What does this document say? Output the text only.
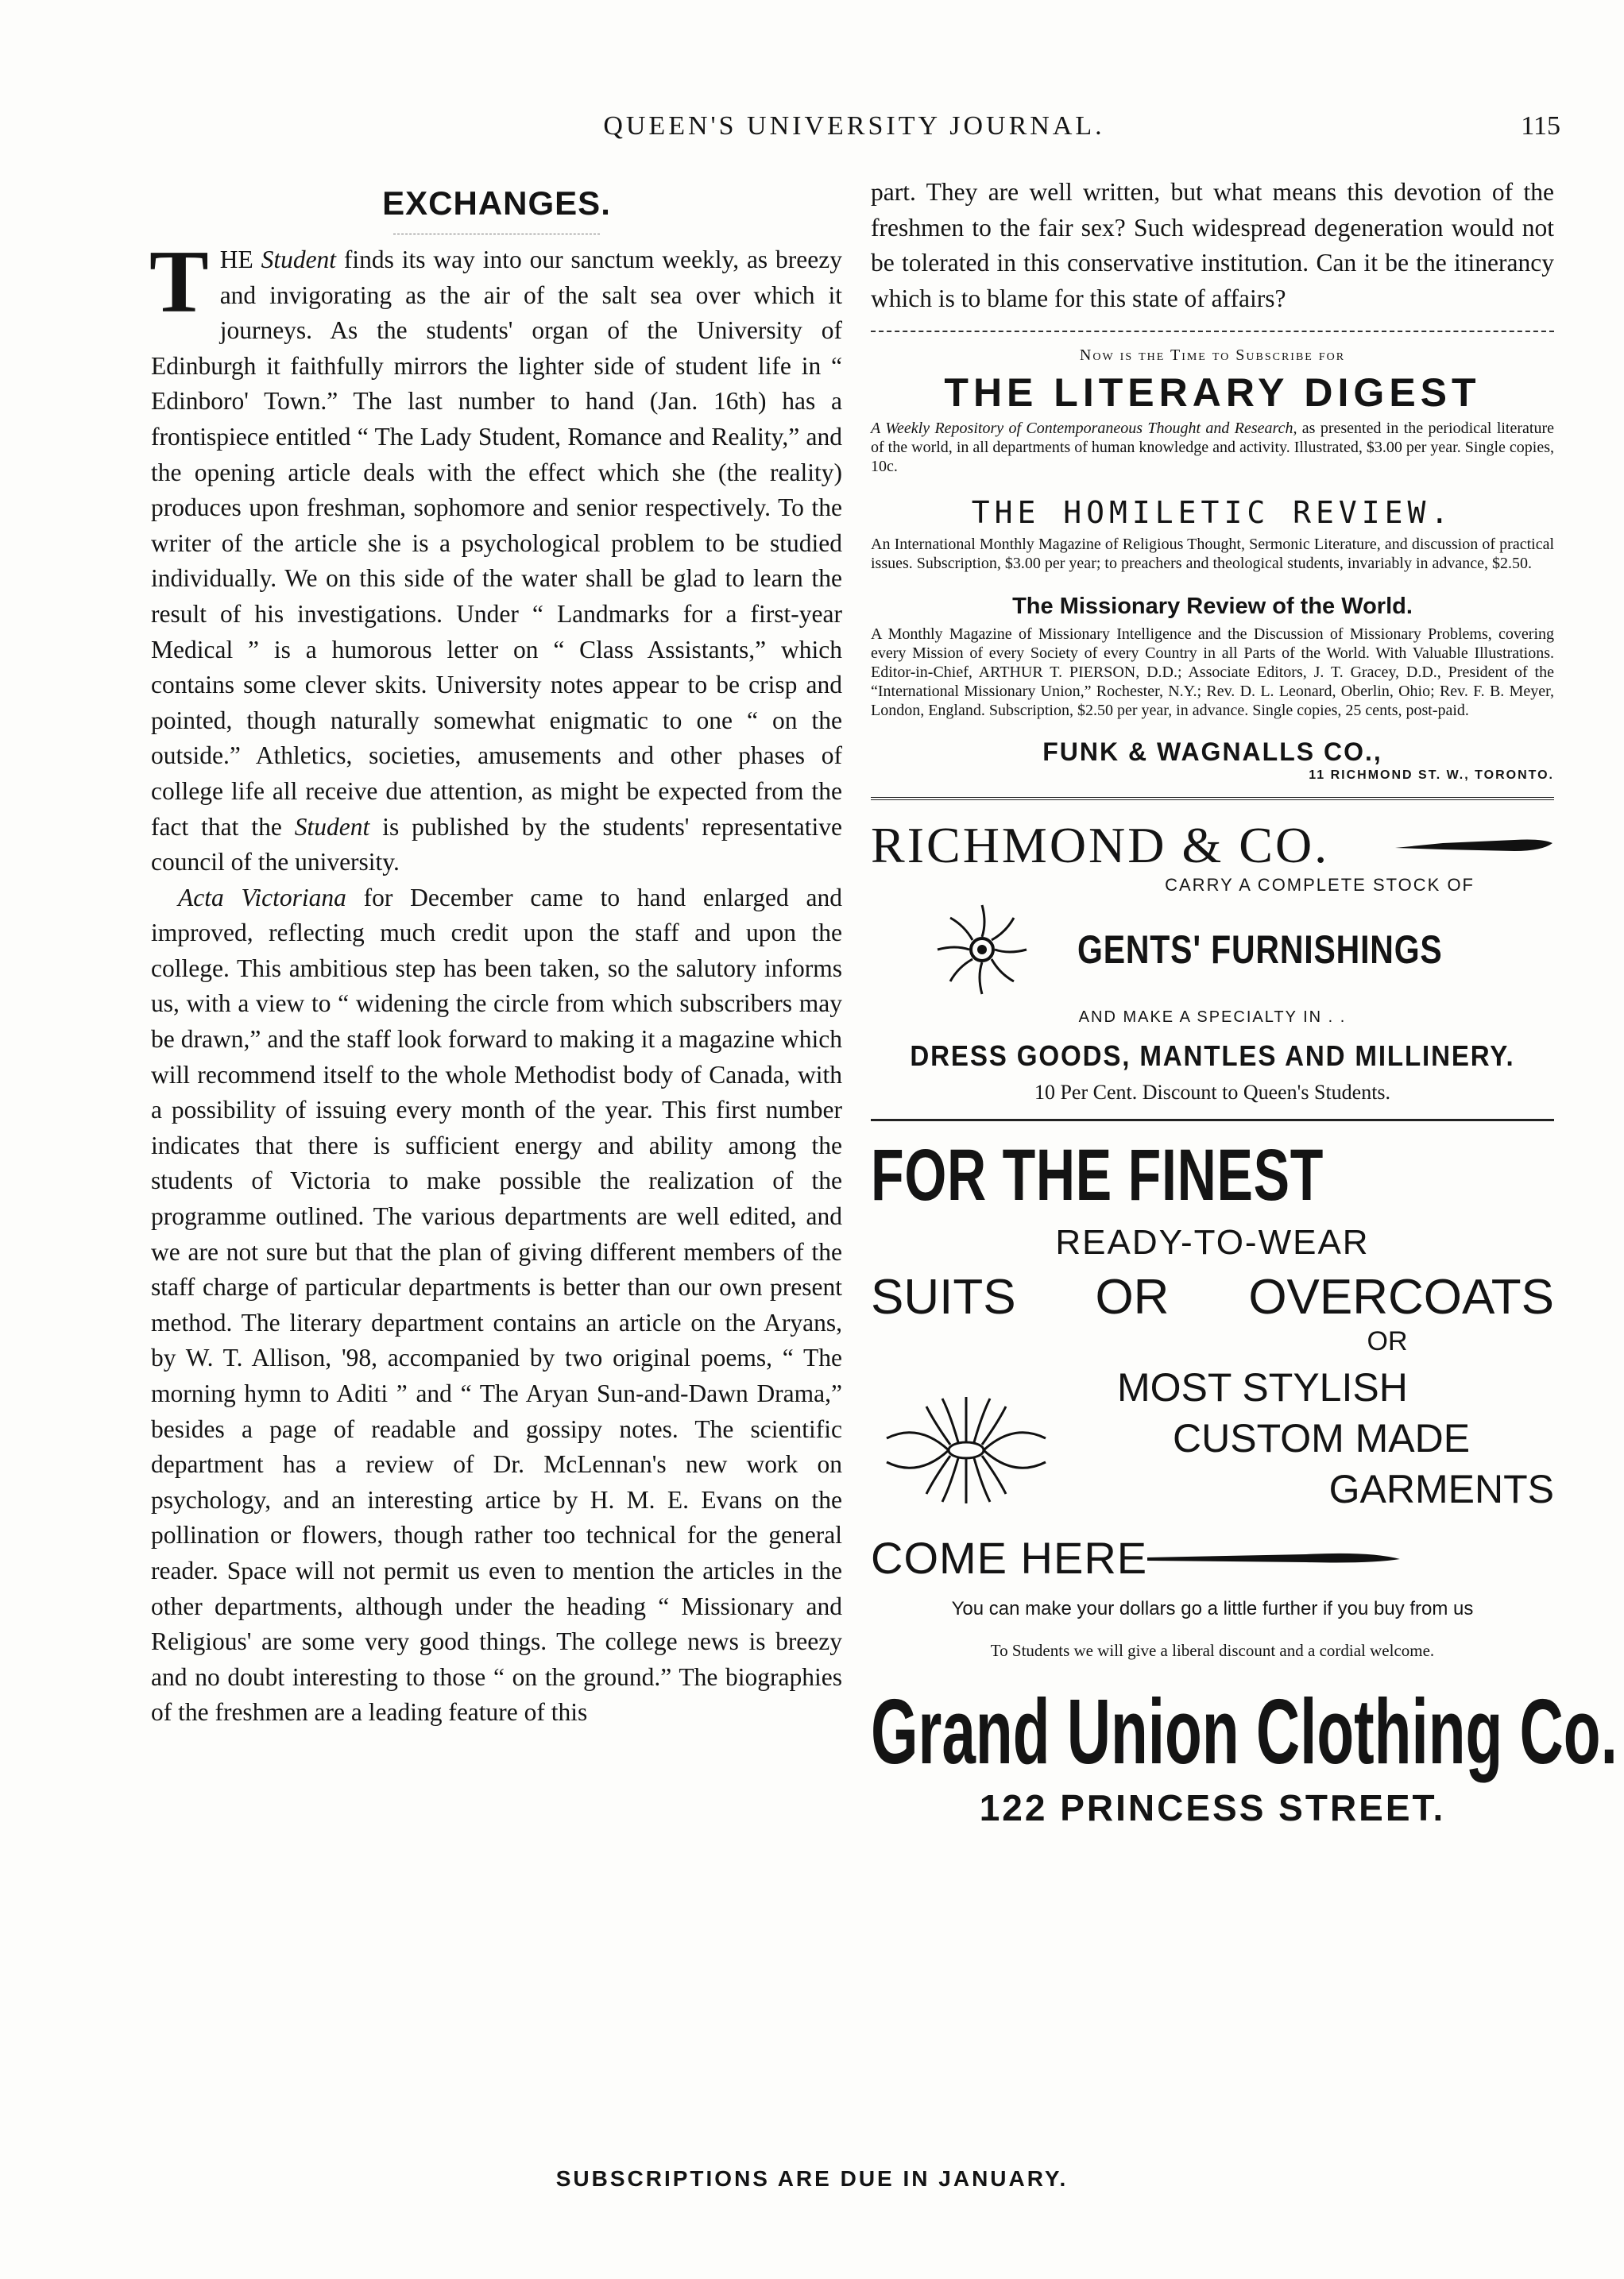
QUEEN'S UNIVERSITY JOURNAL.	115
EXCHANGES.

THE Student finds its way into our sanctum weekly, as breezy and invigorating as the air of the salt sea over which it journeys. As the students' organ of the University of Edinburgh it faithfully mirrors the lighter side of student life in “ Edinboro' Town.” The last number to hand (Jan. 16th) has a frontispiece entitled “ The Lady Student, Romance and Reality,” and the opening article deals with the effect which she (the reality) produces upon freshman, sophomore and senior respectively. To the writer of the article she is a psychological problem to be studied individually. We on this side of the water shall be glad to learn the result of his investigations. Under “ Landmarks for a first-year Medical ” is a humorous letter on “ Class Assistants,” which contains some clever skits. University notes appear to be crisp and pointed, though naturally somewhat enigmatic to one “ on the outside.” Athletics, societies, amusements and other phases of college life all receive due attention, as might be expected from the fact that the Student is published by the students' representative council of the university.

Acta Victoriana for December came to hand enlarged and improved, reflecting much credit upon the staff and upon the college. This ambitious step has been taken, so the salutory informs us, with a view to “ widening the circle from which subscribers may be drawn,” and the staff look forward to making it a magazine which will recommend itself to the whole Methodist body of Canada, with a possibility of issuing every month of the year. This first number indicates that there is sufficient energy and ability among the students of Victoria to make possible the realization of the programme outlined. The various departments are well edited, and we are not sure but that the plan of giving different members of the staff charge of particular departments is better than our own present method. The literary department contains an article on the Aryans, by W. T. Allison, '98, accompanied by two original poems, “ The morning hymn to Aditi ” and “ The Aryan Sun-and-Dawn Drama,” besides a page of readable and gossipy notes. The scientific department has a review of Dr. McLennan's new work on psychology, and an interesting artice by H. M. E. Evans on the pollination or flowers, though rather too technical for the general reader. Space will not permit us even to mention the articles in the other departments, although under the heading “ Missionary and Religious' are some very good things. The college news is breezy and no doubt interesting to those “ on the ground.” The biographies of the freshmen are a leading feature of this

part. They are well written, but what means this devotion of the freshmen to the fair sex? Such widespread degeneration would not be tolerated in this conservative institution. Can it be the itinerancy which is to blame for this state of affairs?

Now is the Time to Subscribe for
THE LITERARY DIGEST
A Weekly Repository of Contemporaneous Thought and Research, as presented in the periodical literature of the world, in all departments of human knowledge and activity. Illustrated, $3.00 per year. Single copies, 10c.
THE HOMILETIC REVIEW.
An International Monthly Magazine of Religious Thought, Sermonic Literature, and discussion of practical issues. Subscription, $3.00 per year; to preachers and theological students, invariably in advance, $2.50.
The Missionary Review of the World.
A Monthly Magazine of Missionary Intelligence and the Discussion of Missionary Problems, covering every Mission of every Society of every Country in all Parts of the World. With Valuable Illustrations. Editor-in-Chief, ARTHUR T. PIERSON, D.D.; Associate Editors, J. T. Gracey, D.D., President of the “International Missionary Union,” Rochester, N.Y.; Rev. D. L. Leonard, Oberlin, Ohio; Rev. F. B. Meyer, London, England. Subscription, $2.50 per year, in advance. Single copies, 25 cents, post-paid.
FUNK & WAGNALLS CO.,
11 RICHMOND ST. W., TORONTO.
RICHMOND & CO.
CARRY A COMPLETE STOCK OF
GENTS' FURNISHINGS
AND MAKE A SPECIALTY IN . .
DRESS GOODS, MANTLES AND MILLINERY.
10 Per Cent. Discount to Queen's Students.
FOR THE FINEST
READY-TO-WEAR
SUITS OR OVERCOATS
OR
MOST STYLISH
CUSTOM MADE
GARMENTS
COME HERE
You can make your dollars go a little further if you buy from us
To Students we will give a liberal discount and a cordial welcome.
Grand Union Clothing Co.
122 PRINCESS STREET.
SUBSCRIPTIONS ARE DUE IN JANUARY.
